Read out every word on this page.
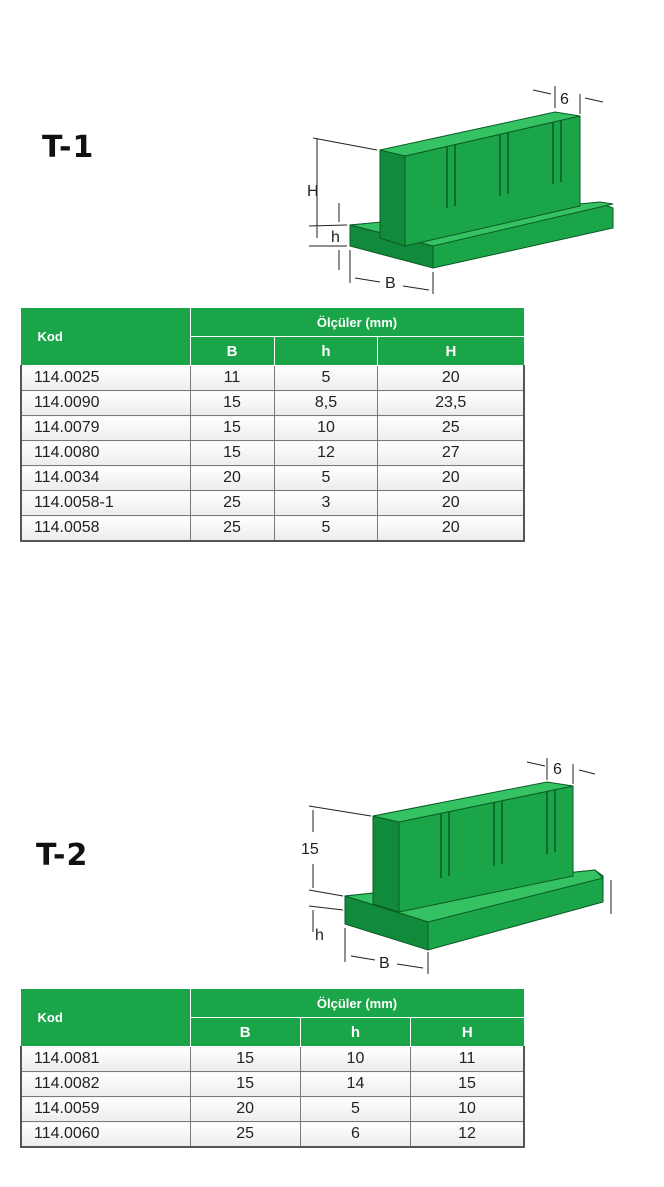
T-1
6
H
h
B
Kod	Ölçüler (mm)		
	B	h	H
114.0025	11	5	20
114.0090	15	8,5	23,5
114.0079	15	10	25
114.0080	15	12	27
114.0034	20	5	20
114.0058-1	25	3	20
114.0058	25	5	20
T-2
6
15
h
B
Kod	Ölçüler (mm)		
	B	h	H
114.0081	15	10	11
114.0082	15	14	15
114.0059	20	5	10
114.0060	25	6	12
